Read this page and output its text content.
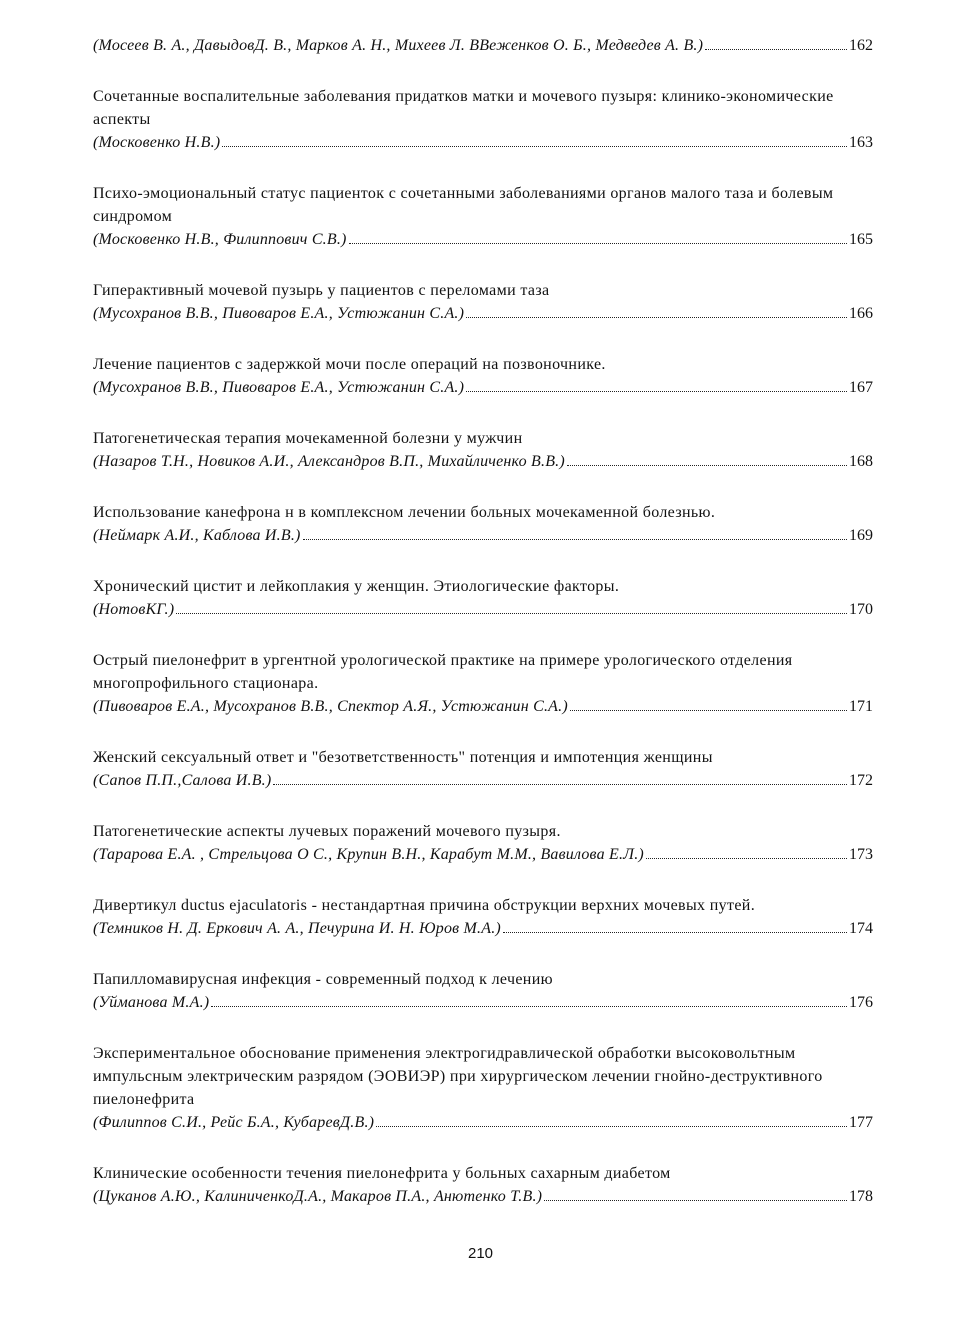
(Мосеев В. А., ДавыдовД. В., Марков А. Н., Михеев Л. ВВеженков О. Б., Медведев А. В.)	162
Сочетанные воспалительные заболевания придатков матки и мочевого пузыря: клинико-экономические аспекты
(Московенко Н.В.)	163
Психо-эмоциональный статус пациенток с сочетанными заболеваниями органов малого таза и болевым синдромом
(Московенко Н.В., Филиппович С.В.)	165
Гиперактивный мочевой пузырь у пациентов с переломами таза
(Мусохранов В.В., Пивоваров Е.А., Устюжанин С.А.)	166
Лечение пациентов с задержкой мочи после операций на позвоночнике.
(Мусохранов В.В., Пивоваров Е.А., Устюжанин С.А.)	167
Патогенетическая терапия мочекаменной болезни у мужчин
(Назаров Т.Н., Новиков А.И., Александров В.П., Михайличенко В.В.)	168
Использование канефрона н в комплексном лечении больных мочекаменной болезнью.
(Неймарк А.И., Каблова И.В.)	169
Хронический цистит и лейкоплакия у женщин. Этиологические факторы.
(НотовКГ.)	170
Острый пиелонефрит в ургентной урологической практике на примере урологического отделения многопрофильного стационара.
(Пивоваров Е.А., Мусохранов В.В., Спектор А.Я., Устюжанин С.А.)	171
Женский сексуальный ответ и "безответственность" потенция и импотенция женщины
(Сапов П.П.,Салова И.В.)	172
Патогенетические аспекты лучевых поражений мочевого пузыря.
(Тарарова Е.А. , Стрельцова О С., Крупин В.Н., Карабут М.М., Вавилова Е.Л.)	173
Дивертикул ductus ejaculatoris - нестандартная причина обструкции верхних мочевых путей.
(Темников Н. Д. Еркович А. А., Печурина И. Н. Юров М.А.)	174
Папилломавирусная инфекция - современный подход к лечению
(Уйманова М.А.)	176
Экспериментальное обоснование применения электрогидравлической обработки высоковольтным импульсным электрическим разрядом (ЭОВИЭР) при хирургическом лечении гнойно-деструктивного пиелонефрита
(Филиппов С.И., Рейс Б.А., КубаревД.В.)	177
Клинические особенности течения пиелонефрита у больных сахарным диабетом
(Цуканов А.Ю., КалиниченкоД.А., Макаров П.А., Анютенко Т.В.)	178
210
